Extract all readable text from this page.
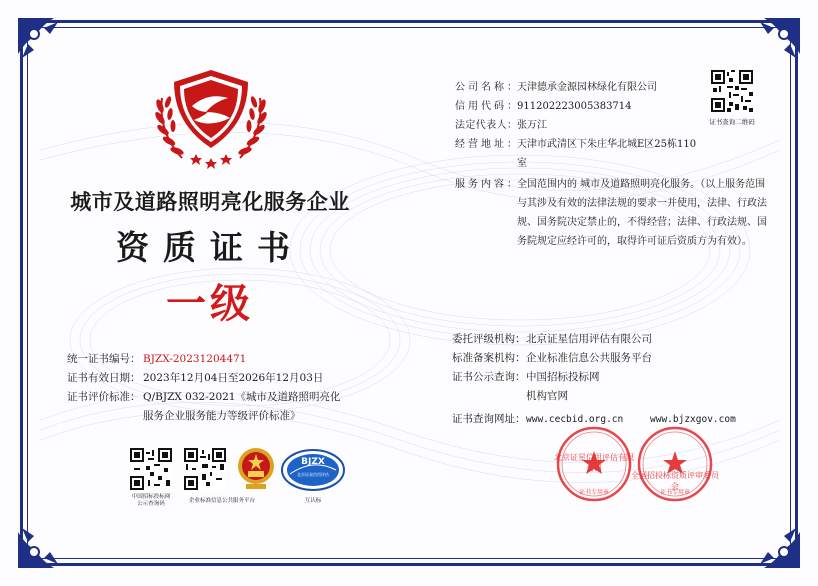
城市及道路照明亮化服务企业
资质证书
一级
公司名称： 天津德承金源园林绿化有限公司
信用代码： 911202223005383714
法定代表人： 张万江
经营地址： 天津市武清区下朱庄华北城E区25栋110室
服务内容： 全国范围内的 城市及道路照明亮化服务。（以上服务范围与其涉及有效的法律法规的要求一并使用，法律、行政法规、国务院决定禁止的，不得经营；法律、行政法规、国务院规定应经许可的，取得许可证后资质方为有效）。
证书查询二维码
统一证书编号： BJZX-20231204471
证书有效日期： 2023年12月04日至2026年12月03日
证书评价标准： Q/BJZX 032-2021《城市及道路照明亮化服务企业服务能力等级评价标准》
委托评级机构： 北京证星信用评估有限公司
标准备案机构： 企业标准信息公共服务平台
证书公示查询： 中国招标投标网
机构官网
证书查询网址： www.cecbid.org.cn	www.bjzxgov.com
中国招标投标网
公示查询码	企业标准信息公共服务平台
BJZX
北京证星信用评估
互认标
北京证星信用评估有限公司
证书专用章
全国招投标资质评审委员会
证书专用章
